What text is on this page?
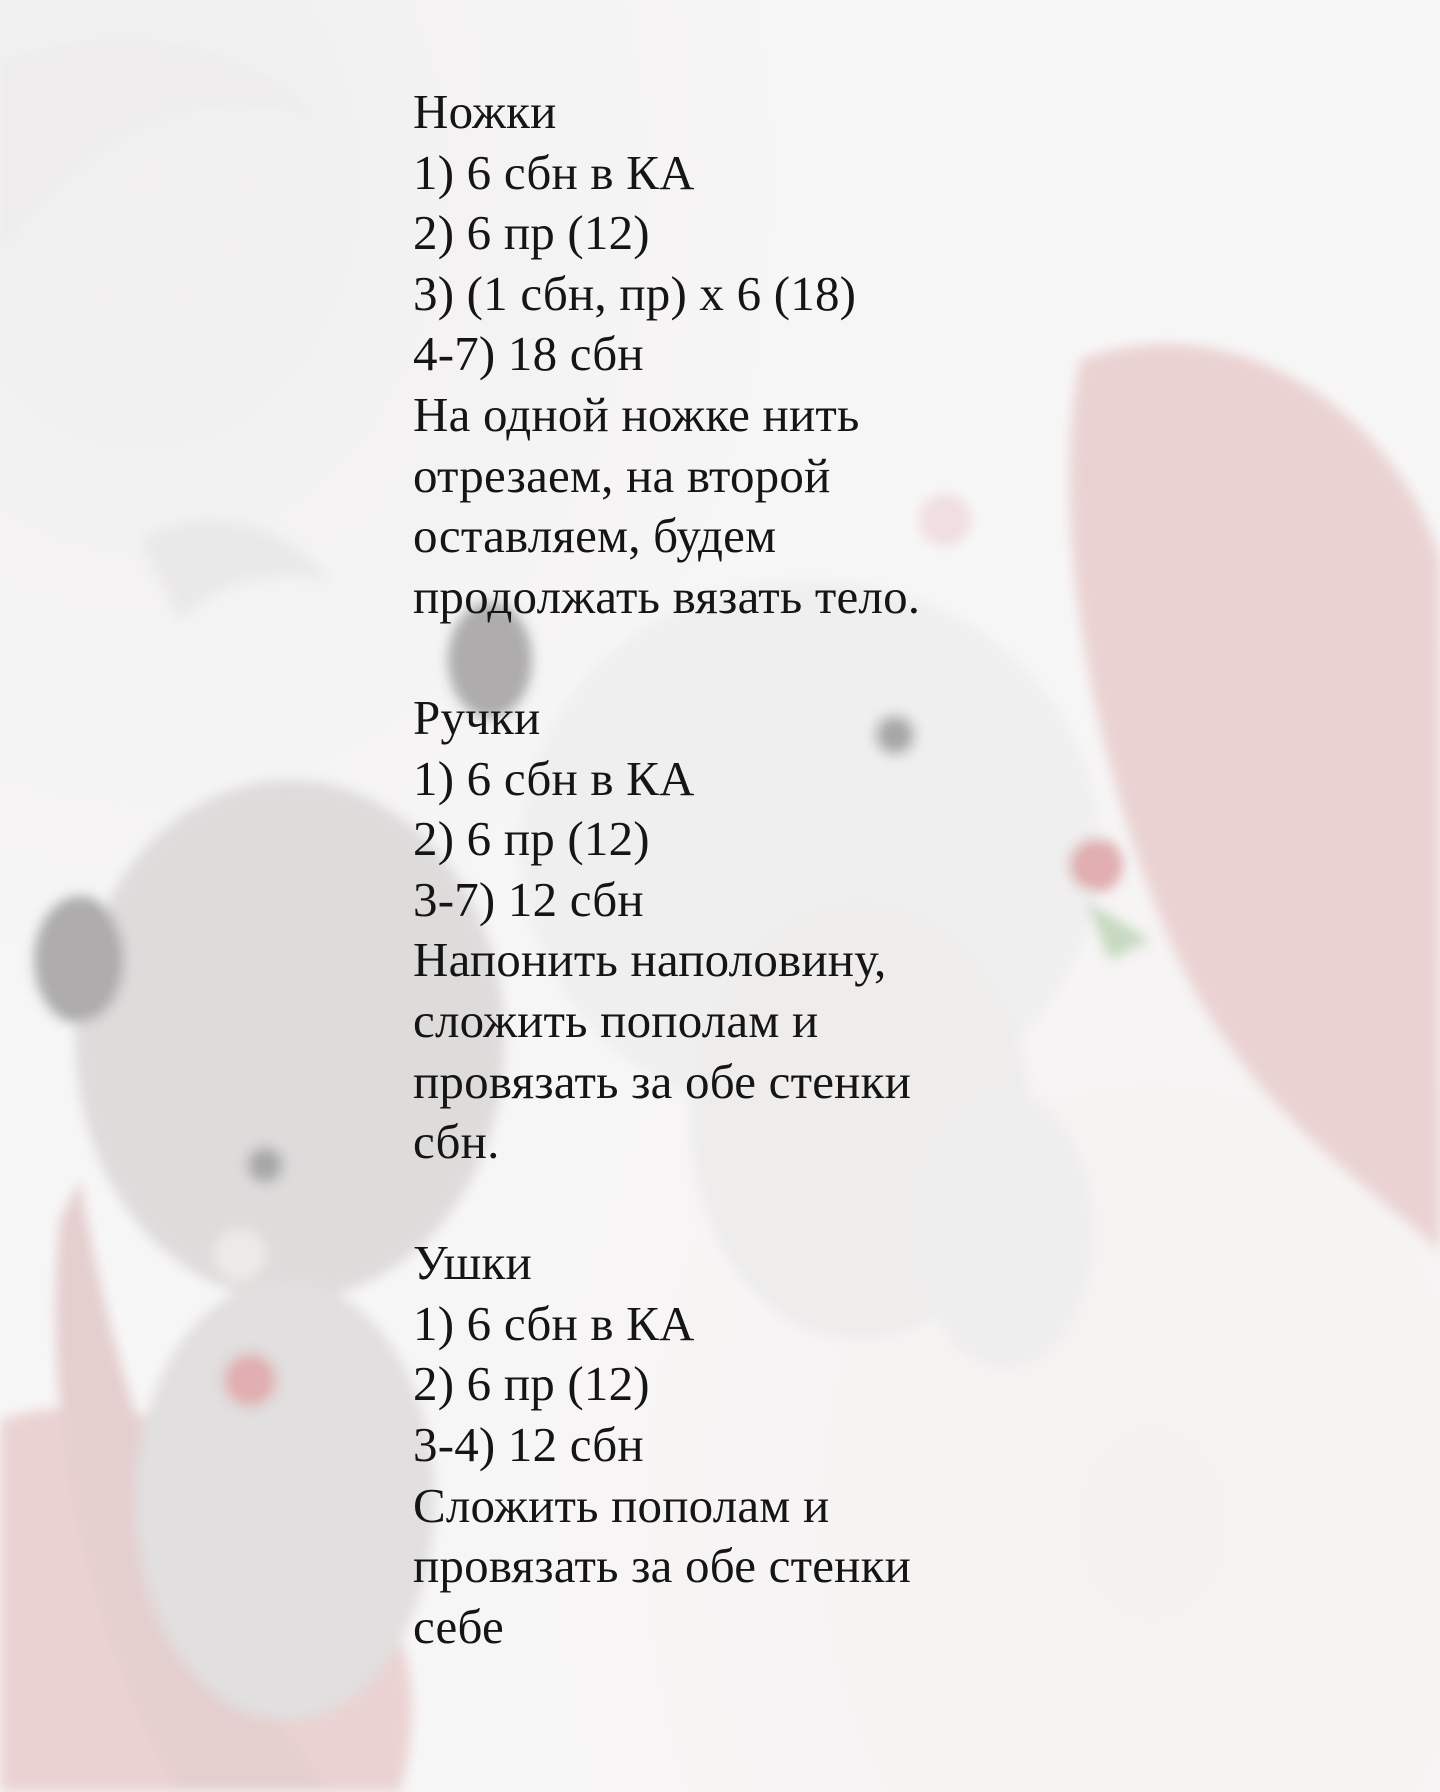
Ножки
1) 6 сбн в КА
2) 6 пр (12)
3) (1 сбн, пр) х 6 (18)
4-7) 18 сбн
На одной ножке нить
отрезаем, на второй
оставляем, будем
продолжать вязать тело.
Ручки
1) 6 сбн в КА
2) 6 пр (12)
3-7) 12 сбн
Напонить наполовину,
сложить пополам и
провязать за обе стенки
сбн.
Ушки
1) 6 сбн в КА
2) 6 пр (12)
3-4) 12 сбн
Сложить пополам и
провязать за обе стенки
себе
